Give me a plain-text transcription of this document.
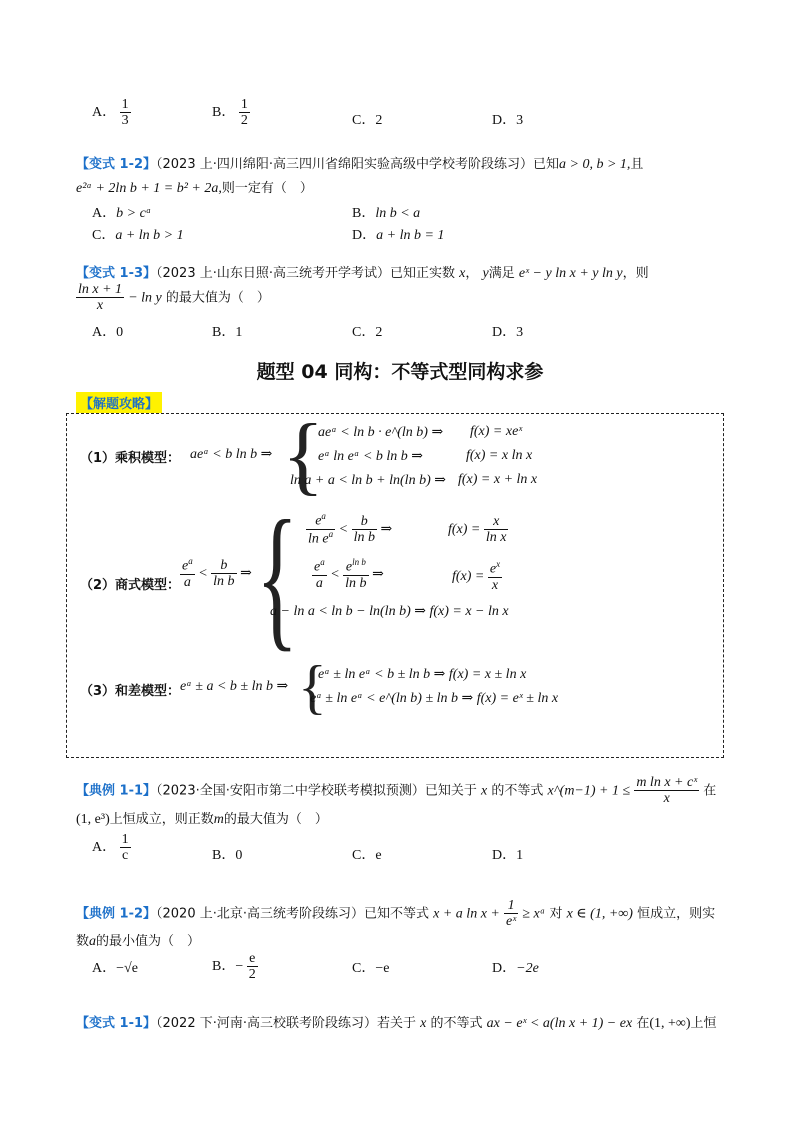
A． $\frac{1}{3}$	B． $\frac{1}{2}$	C．2	D．3
【变式 1-2】（2023 上·四川绵阳·高三四川省绵阳实验高级中学校考阶段练习）已知a > 0, b > 1,且
e²ᵃ + 2ln b + 1 = b² + 2a,则一定有（　）
A．b > cᵃ	B．ln b < a
C．a + ln b > 1	D．a + ln b = 1
【变式 1-3】（2023 上·山东日照·高三统考开学考试）已知正实数 x， y满足 eˣ − y ln x + y ln y，则
$\frac{\text{ln x + 1}}{x} - \ln y$ 的最大值为（　）
A．0	B．1	C．2	D．3
题型 04 同构：不等式型同构求参
【解题攻略】
（1）乘积模型： aeᵃ < b ln b ⇒ {
aeᵃ < ln b · e^(ln b) ⇒ f(x) = xeˣ
eᵃ ln eᵃ < b ln b ⇒	f(x) = x ln x
ln a + a < ln b + ln(ln b) ⇒ f(x) = x + ln x
（2）商式模型： $\frac{e^a}{a} < \frac{b}{\text{ln b}}$ ⇒ { $\frac{e^a}{\ln e^a} < \frac{b}{\text{ln b}}$ ⇒	$f(x) = \frac{x}{\text{ln x}}$
$\frac{e^a}{a} < \frac{e^{ln b}}{\text{ln b}}$ ⇒	$f(x) = \frac{e^x}{x}$
a − ln a < ln b − ln(ln b) ⇒ f(x) = x − ln x
（3）和差模型： eᵃ ± a < b ± ln b ⇒ {
eᵃ ± ln eᵃ < b ± ln b ⇒ f(x) = x ± ln x
eᵃ ± ln eᵃ < e^(ln b) ± ln b ⇒ f(x) = eˣ ± ln x
【典例 1-1】（2023·全国·安阳市第二中学校联考模拟预测）已知关于 x 的不等式 x^(m−1) + $1 \le \frac{\text{m ln x + cˣ}}{x}$ 在
(1, e³)上恒成立，则正数m的最大值为（　）
A． $\frac{1}{c}$	B．0	C．e	D．1
【典例 1-2】（2020 上·北京·高三统考阶段练习）已知不等式 x + a $\ln x + \frac{1}{\text{eˣ}}$ ≥ xᵃ 对 x ∈ (1, +∞) 恒成立，则实
数a的最小值为（　）
A．−√e	B．− $\frac{e}{2}$	C．−e	D．−2e
【变式 1-1】（2022 下·河南·高三校联考阶段练习）若关于 x 的不等式 ax − eˣ < a(ln x + 1) − ex 在(1, +∞)上恒
